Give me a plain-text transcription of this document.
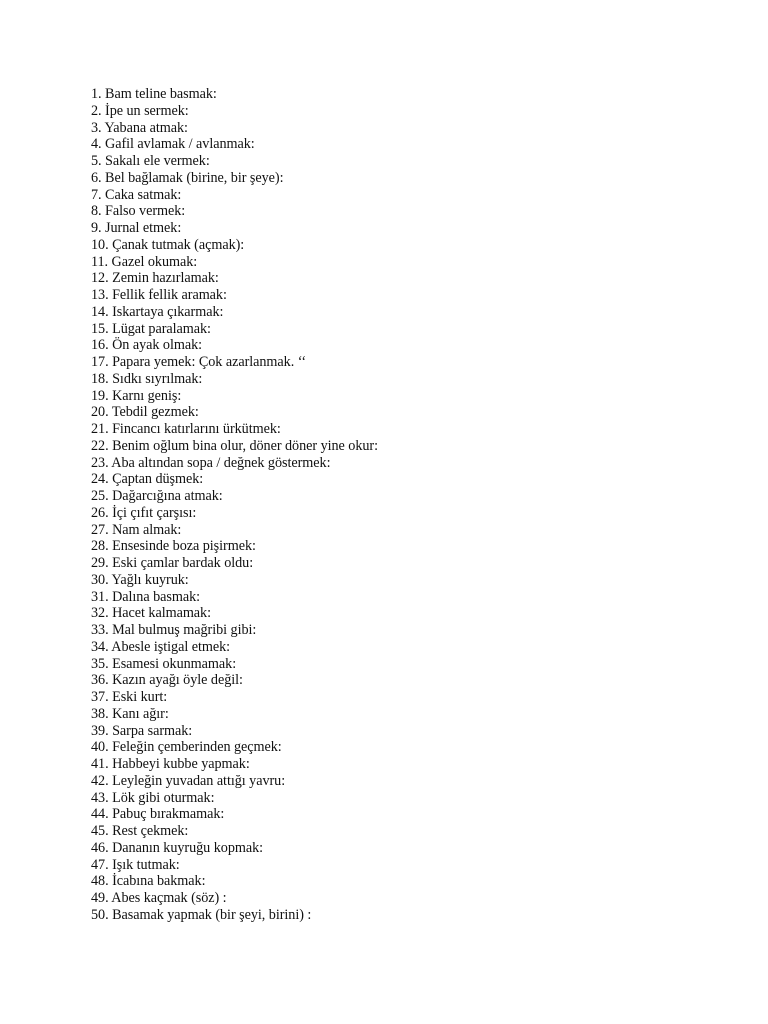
1. Bam teline basmak:
2. İpe un sermek:
3. Yabana atmak:
4. Gafil avlamak / avlanmak:
5. Sakalı ele vermek:
6. Bel bağlamak (birine, bir şeye):
7. Caka satmak:
8. Falso vermek:
9. Jurnal etmek:
10. Çanak tutmak (açmak):
11. Gazel okumak:
12. Zemin hazırlamak:
13. Fellik fellik aramak:
14. Iskartaya çıkarmak:
15. Lügat paralamak:
16. Ön ayak olmak:
17. Papara yemek: Çok azarlanmak. ‘‘
18. Sıdkı sıyrılmak:
19. Karnı geniş:
20. Tebdil gezmek:
21. Fincancı katırlarını ürkütmek:
22. Benim oğlum bina olur, döner döner yine okur:
23. Aba altından sopa / değnek göstermek:
24. Çaptan düşmek:
25. Dağarcığına atmak:
26. İçi çıfıt çarşısı:
27. Nam almak:
28. Ensesinde boza pişirmek:
29. Eski çamlar bardak oldu:
30. Yağlı kuyruk:
31. Dalına basmak:
32. Hacet kalmamak:
33. Mal bulmuş mağribi gibi:
34. Abesle iştigal etmek:
35. Esamesi okunmamak:
36. Kazın ayağı öyle değil:
37. Eski kurt:
38. Kanı ağır:
39. Sarpa sarmak:
40. Feleğin çemberinden geçmek:
41. Habbeyi kubbe yapmak:
42. Leyleğin yuvadan attığı yavru:
43. Lök gibi oturmak:
44. Pabuç bırakmamak:
45. Rest çekmek:
46. Dananın kuyruğu kopmak:
47. Işık tutmak:
48. İcabına bakmak:
49. Abes kaçmak (söz) :
50. Basamak yapmak (bir şeyi, birini) :
